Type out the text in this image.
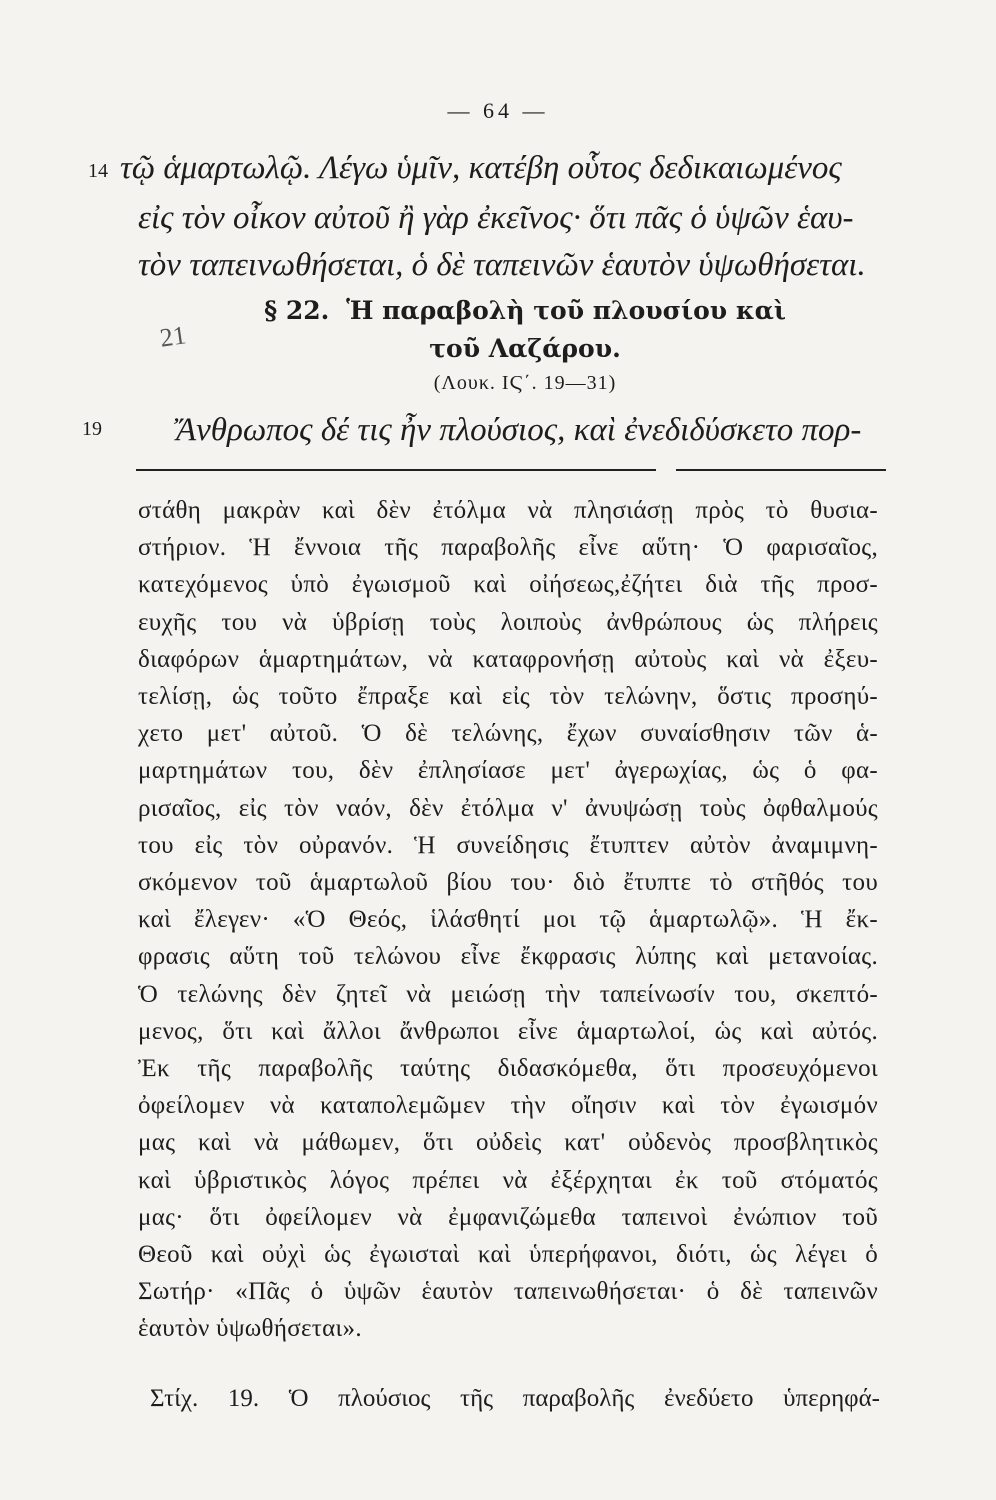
— 64 —
14 τῷ ἁμαρτωλῷ. Λέγω ὑμῖν, κατέβη οὗτος δεδικαιωμένος
εἰς τὸν οἶκον αὐτοῦ ἢ γὰρ ἐκεῖνος· ὅτι πᾶς ὁ ὑψῶν ἑαυ-
τὸν ταπεινωθήσεται, ὁ δὲ ταπεινῶν ἑαυτὸν ὑψωθήσεται.
§ 22. Ἡ παραβολὴ τοῦ πλουσίου καὶ
τοῦ Λαζάρου.
(Λουκ. ΙϚ΄. 19—31)
21
19 Ἄνθρωπος δέ τις ἦν πλούσιος, καὶ ἐνεδιδύσκετο πορ-
στάθη μακρὰν καὶ δὲν ἐτόλμα νὰ πλησιάσῃ πρὸς τὸ θυσια-
στήριον. Ἡ ἔννοια τῆς παραβολῆς εἶνε αὕτη· Ὁ φαρισαῖος,
κατεχόμενος ὑπὸ ἐγωισμοῦ καὶ οἰήσεως,ἐζήτει διὰ τῆς προσ-
ευχῆς του νὰ ὑβρίσῃ τοὺς λοιποὺς ἀνθρώπους ὡς πλήρεις
διαφόρων ἁμαρτημάτων, νὰ καταφρονήσῃ αὐτοὺς καὶ νὰ ἐξευ-
τελίσῃ, ὡς τοῦτο ἔπραξε καὶ εἰς τὸν τελώνην, ὅστις προσηύ-
χετο μετ' αὐτοῦ. Ὁ δὲ τελώνης, ἔχων συναίσθησιν τῶν ἁ-
μαρτημάτων του, δὲν ἐπλησίασε μετ' ἀγερωχίας, ὡς ὁ φα-
ρισαῖος, εἰς τὸν ναόν, δὲν ἐτόλμα ν' ἀνυψώσῃ τοὺς ὀφθαλμούς
του εἰς τὸν οὐρανόν. Ἡ συνείδησις ἔτυπτεν αὐτὸν ἀναμιμνη-
σκόμενον τοῦ ἁμαρτωλοῦ βίου του· διὸ ἔτυπτε τὸ στῆθός του
καὶ ἔλεγεν· «Ὁ Θεός, ἱλάσθητί μοι τῷ ἁμαρτωλῷ». Ἡ ἔκ-
φρασις αὕτη τοῦ τελώνου εἶνε ἔκφρασις λύπης καὶ μετανοίας.
Ὁ τελώνης δὲν ζητεῖ νὰ μειώσῃ τὴν ταπείνωσίν του, σκεπτό-
μενος, ὅτι καὶ ἄλλοι ἄνθρωποι εἶνε ἁμαρτωλοί, ὡς καὶ αὐτός.
Ἐκ τῆς παραβολῆς ταύτης διδασκόμεθα, ὅτι προσευχόμενοι
ὀφείλομεν νὰ καταπολεμῶμεν τὴν οἴησιν καὶ τὸν ἐγωισμόν
μας καὶ νὰ μάθωμεν, ὅτι οὐδεὶς κατ' οὐδενὸς προσβλητικὸς
καὶ ὑβριστικὸς λόγος πρέπει νὰ ἐξέρχηται ἐκ τοῦ στόματός
μας· ὅτι ὀφείλομεν νὰ ἐμφανιζώμεθα ταπεινοὶ ἐνώπιον τοῦ
Θεοῦ καὶ οὐχὶ ὡς ἐγωισταὶ καὶ ὑπερήφανοι, διότι, ὡς λέγει ὁ
Σωτήρ· «Πᾶς ὁ ὑψῶν ἑαυτὸν ταπεινωθήσεται· ὁ δὲ ταπεινῶν
ἑαυτὸν ὑψωθήσεται».
Στίχ. 19. Ὁ πλούσιος τῆς παραβολῆς ἐνεδύετο ὑπερηφά-
